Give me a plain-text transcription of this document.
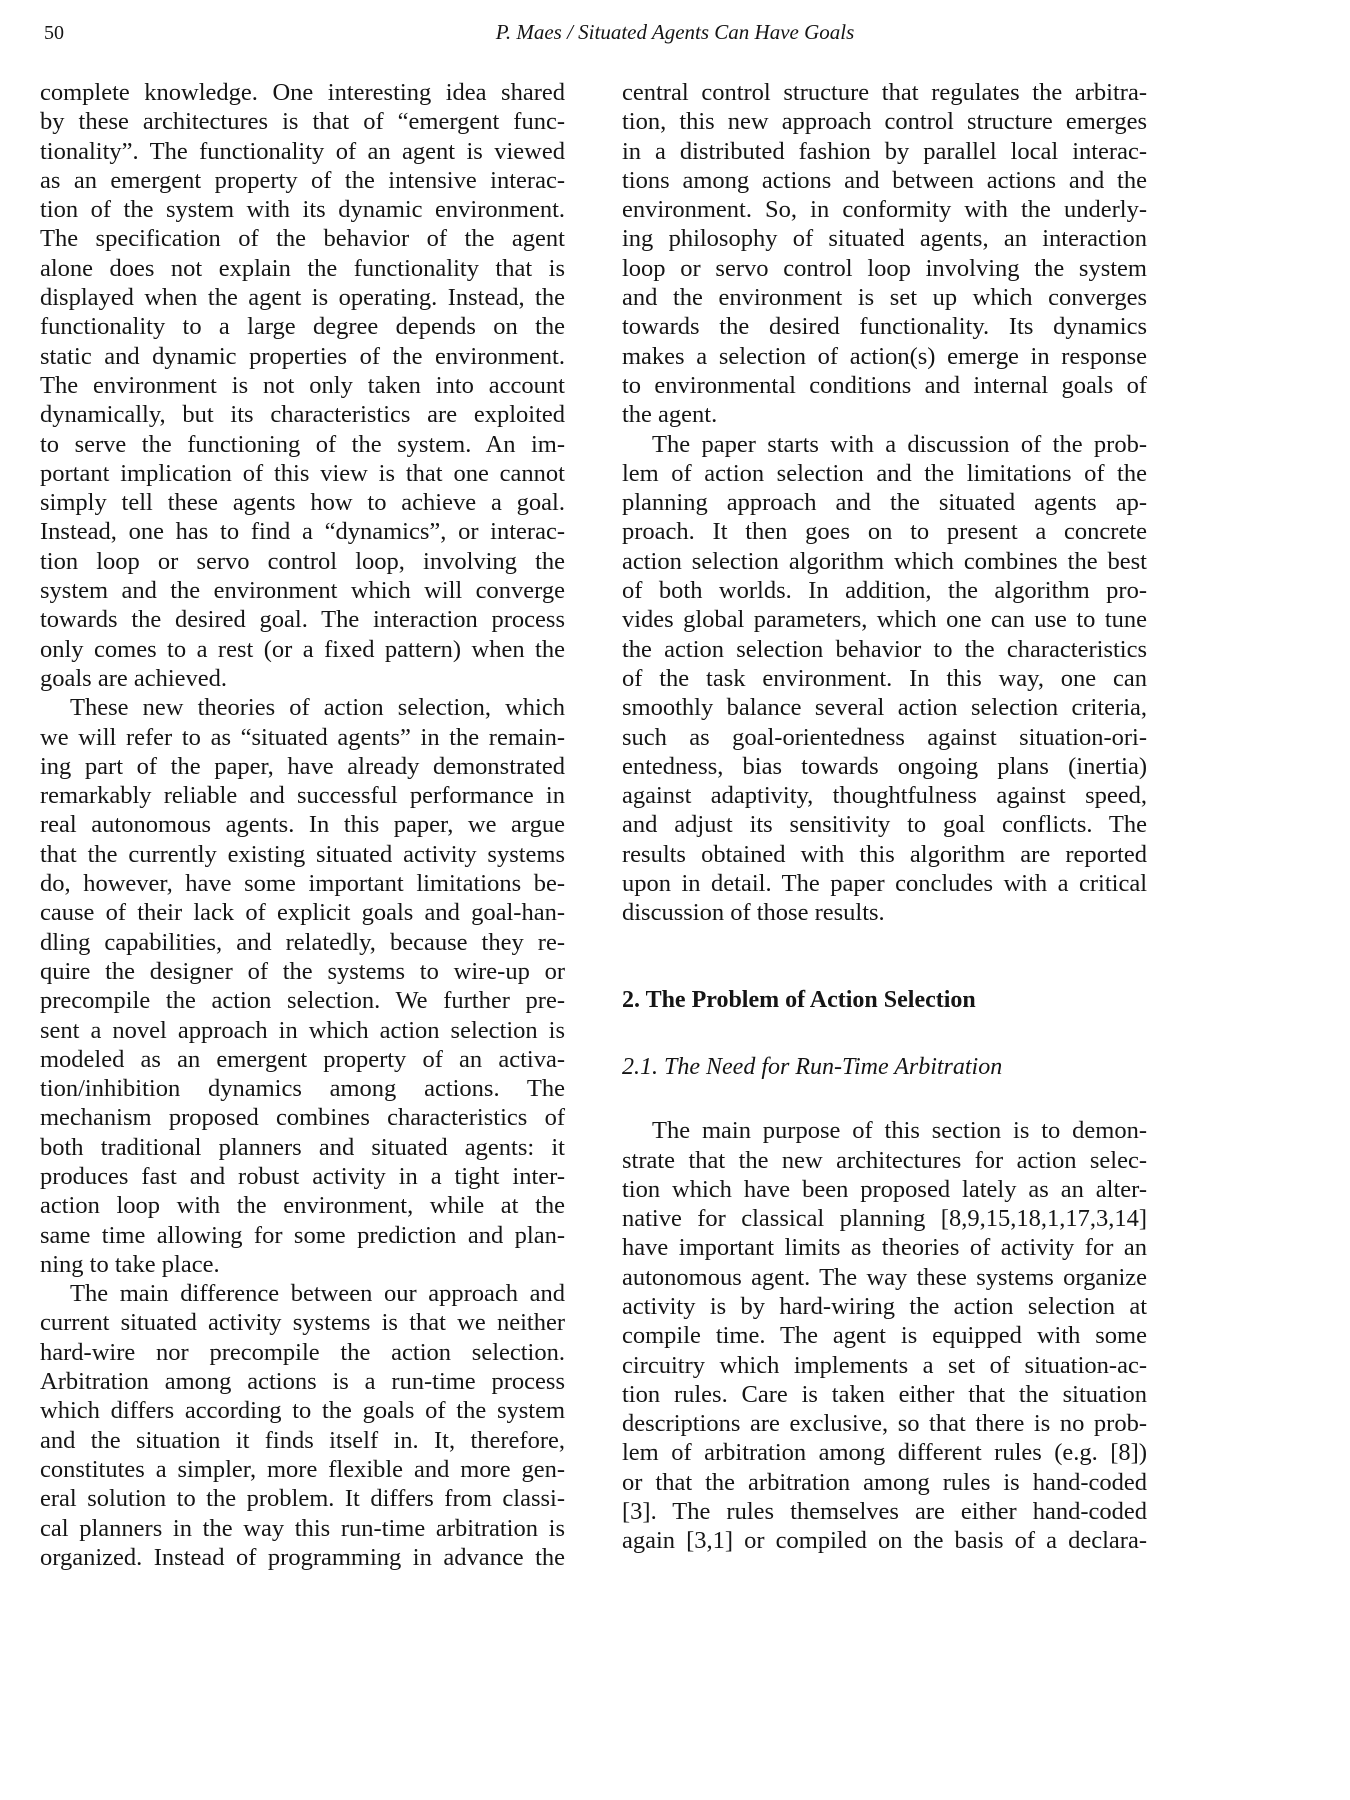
50	P. Maes / Situated Agents Can Have Goals
complete knowledge. One interesting idea shared
by these architectures is that of “emergent func-
tionality”. The functionality of an agent is viewed
as an emergent property of the intensive interac-
tion of the system with its dynamic environment.
The specification of the behavior of the agent
alone does not explain the functionality that is
displayed when the agent is operating. Instead, the
functionality to a large degree depends on the
static and dynamic properties of the environment.
The environment is not only taken into account
dynamically, but its characteristics are exploited
to serve the functioning of the system. An im-
portant implication of this view is that one cannot
simply tell these agents how to achieve a goal.
Instead, one has to find a “dynamics”, or interac-
tion loop or servo control loop, involving the
system and the environment which will converge
towards the desired goal. The interaction process
only comes to a rest (or a fixed pattern) when the
goals are achieved.
These new theories of action selection, which
we will refer to as “situated agents” in the remain-
ing part of the paper, have already demonstrated
remarkably reliable and successful performance in
real autonomous agents. In this paper, we argue
that the currently existing situated activity systems
do, however, have some important limitations be-
cause of their lack of explicit goals and goal-han-
dling capabilities, and relatedly, because they re-
quire the designer of the systems to wire-up or
precompile the action selection. We further pre-
sent a novel approach in which action selection is
modeled as an emergent property of an activa-
tion/inhibition dynamics among actions. The
mechanism proposed combines characteristics of
both traditional planners and situated agents: it
produces fast and robust activity in a tight inter-
action loop with the environment, while at the
same time allowing for some prediction and plan-
ning to take place.
The main difference between our approach and
current situated activity systems is that we neither
hard-wire nor precompile the action selection.
Arbitration among actions is a run-time process
which differs according to the goals of the system
and the situation it finds itself in. It, therefore,
constitutes a simpler, more flexible and more gen-
eral solution to the problem. It differs from classi-
cal planners in the way this run-time arbitration is
organized. Instead of programming in advance the
central control structure that regulates the arbitra-
tion, this new approach control structure emerges
in a distributed fashion by parallel local interac-
tions among actions and between actions and the
environment. So, in conformity with the underly-
ing philosophy of situated agents, an interaction
loop or servo control loop involving the system
and the environment is set up which converges
towards the desired functionality. Its dynamics
makes a selection of action(s) emerge in response
to environmental conditions and internal goals of
the agent.
The paper starts with a discussion of the prob-
lem of action selection and the limitations of the
planning approach and the situated agents ap-
proach. It then goes on to present a concrete
action selection algorithm which combines the best
of both worlds. In addition, the algorithm pro-
vides global parameters, which one can use to tune
the action selection behavior to the characteristics
of the task environment. In this way, one can
smoothly balance several action selection criteria,
such as goal-orientedness against situation-ori-
entedness, bias towards ongoing plans (inertia)
against adaptivity, thoughtfulness against speed,
and adjust its sensitivity to goal conflicts. The
results obtained with this algorithm are reported
upon in detail. The paper concludes with a critical
discussion of those results.
2. The Problem of Action Selection
2.1. The Need for Run-Time Arbitration
The main purpose of this section is to demon-
strate that the new architectures for action selec-
tion which have been proposed lately as an alter-
native for classical planning [8,9,15,18,1,17,3,14]
have important limits as theories of activity for an
autonomous agent. The way these systems organize
activity is by hard-wiring the action selection at
compile time. The agent is equipped with some
circuitry which implements a set of situation-ac-
tion rules. Care is taken either that the situation
descriptions are exclusive, so that there is no prob-
lem of arbitration among different rules (e.g. [8])
or that the arbitration among rules is hand-coded
[3]. The rules themselves are either hand-coded
again [3,1] or compiled on the basis of a declara-
